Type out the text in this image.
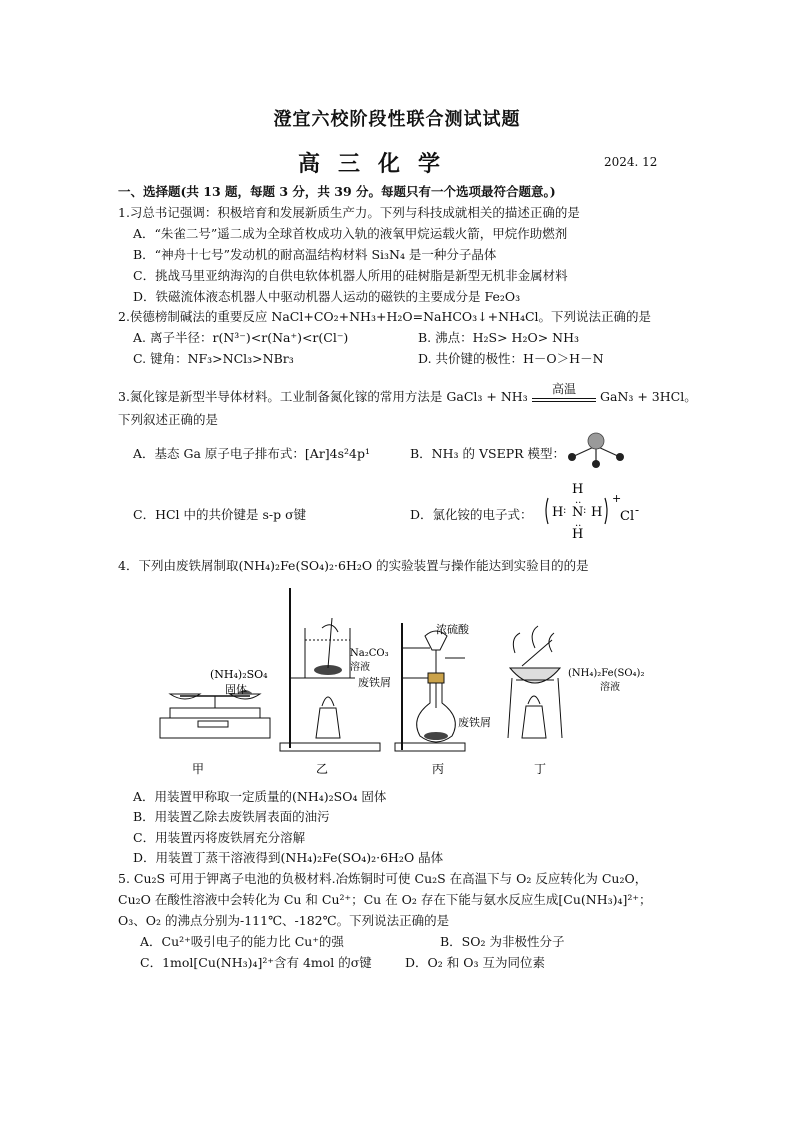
澄宜六校阶段性联合测试试题
高三化学	2024. 12
一、选择题(共 13 题，每题 3 分，共 39 分。每题只有一个选项最符合题意。)
1.习总书记强调：积极培育和发展新质生产力。下列与科技成就相关的描述正确的是
A．“朱雀二号”遥二成为全球首枚成功入轨的液氧甲烷运载火箭，甲烷作助燃剂
B．“神舟十七号”发动机的耐高温结构材料 Si₃N₄ 是一种分子晶体
C．挑战马里亚纳海沟的自供电软体机器人所用的硅树脂是新型无机非金属材料
D．铁磁流体液态机器人中驱动机器人运动的磁铁的主要成分是 Fe₂O₃
2.侯德榜制碱法的重要反应 NaCl+CO₂+NH₃+H₂O=NaHCO₃↓+NH₄Cl。下列说法正确的是
A. 离子半径：r(N³⁻)<r(Na⁺)<r(Cl⁻)	B. 沸点：H₂S> H₂O> NH₃
C. 键角：NF₃>NCl₃>NBr₃	D. 共价键的极性：H－O＞H－N
3.氮化镓是新型半导体材料。工业制备氮化镓的常用方法是 GaCl₃ + NH₃	高温	GaN₃ + 3HCl。
下列叙述正确的是
A．基态 Ga 原子电子排布式：[Ar]4s²4p¹	B．NH₃ 的 VSEPR 模型：
C．HCl 中的共价键是 s-p σ键	D．氯化铵的电子式： H : N : H
H
..
..
H
+
Cl -
4．下列由废铁屑制取(NH₄)₂Fe(SO₄)₂·6H₂O 的实验装置与操作能达到实验目的的是
(NH₄)₂SO₄
固体
Na₂CO₃
溶液
废铁屑
浓硫酸
废铁屑
(NH₄)₂Fe(SO₄)₂
溶液
甲	乙	丙	丁
A．用装置甲称取一定质量的(NH₄)₂SO₄ 固体
B．用装置乙除去废铁屑表面的油污
C．用装置丙将废铁屑充分溶解
D．用装置丁蒸干溶液得到(NH₄)₂Fe(SO₄)₂·6H₂O 晶体
5. Cu₂S 可用于钾离子电池的负极材料.冶炼铜时可使 Cu₂S 在高温下与 O₂ 反应转化为 Cu₂O，
Cu₂O 在酸性溶液中会转化为 Cu 和 Cu²⁺；Cu 在 O₂ 存在下能与氨水反应生成[Cu(NH₃)₄]²⁺；
O₃、O₂ 的沸点分别为-111℃、-182℃。下列说法正确的是
A．Cu²⁺吸引电子的能力比 Cu⁺的强	B．SO₂ 为非极性分子
C．1mol[Cu(NH₃)₄]²⁺含有 4mol 的σ键	D．O₂ 和 O₃ 互为同位素
